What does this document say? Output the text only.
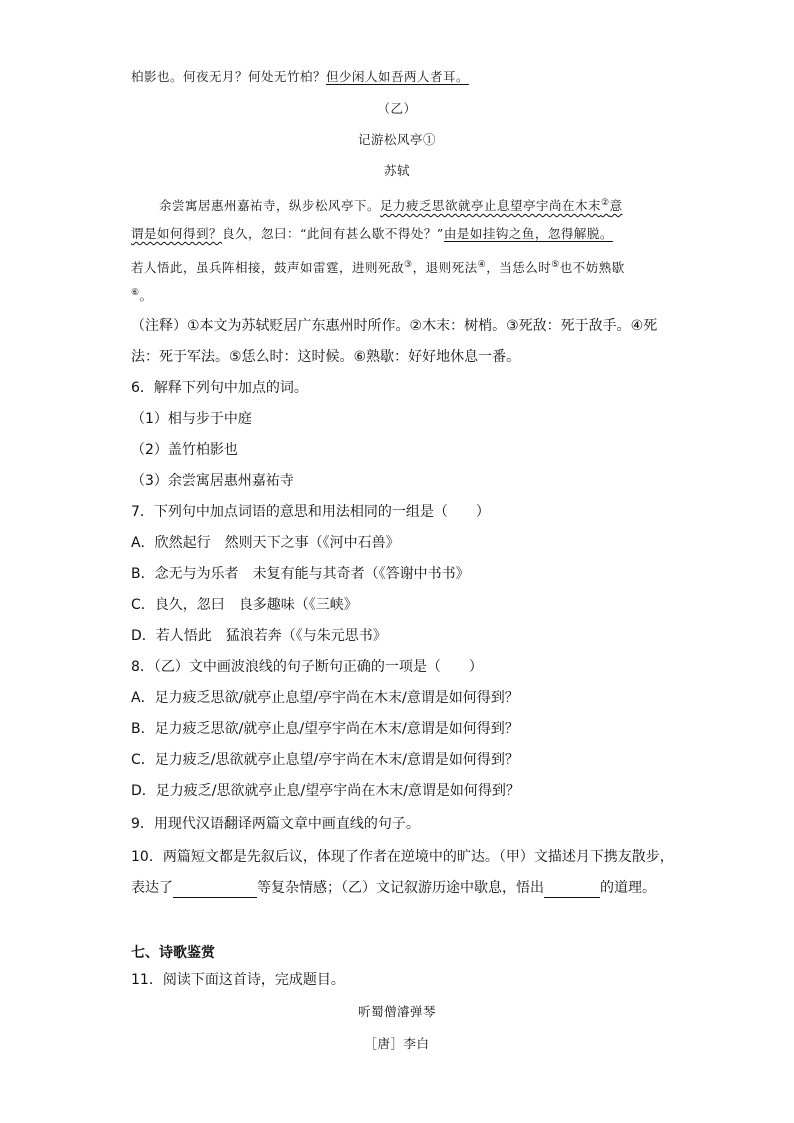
柏影也。何夜无月？何处无竹柏？但少闲人如吾两人者耳。
（乙）
记游松风亭①
苏轼
余尝寓居惠州嘉祐寺，纵步松风亭下。足力疲乏思欲就亭止息望亭宇尚在木末②意
谓是如何得到？良久，忽曰：“此间有甚么歇不得处？”由是如挂钩之鱼，忽得解脱。
若人悟此，虽兵阵相接，鼓声如雷霆，进则死敌③，退则死法④，当恁么时⑤也不妨熟歇
⑥。
（注释）①本文为苏轼贬居广东惠州时所作。②木末：树梢。③死敌：死于敌手。④死
法：死于军法。⑤恁么时：这时候。⑥熟歇：好好地休息一番。
6．解释下列句中加点的词。
（1）相与步于中庭
（2）盖竹柏影也
（3）余尝寓居惠州嘉祐寺
7．下列句中加点词语的意思和用法相同的一组是（　　）
A．欣然起行　然则天下之事（《河中石兽》
B．念无与为乐者　未复有能与其奇者（《答谢中书书》
C．良久，忽曰　良多趣味（《三峡》
D．若人悟此　猛浪若奔（《与朱元思书》
8．（乙）文中画波浪线的句子断句正确的一项是（　　）
A．足力疲乏思欲/就亭止息望/亭宇尚在木末/意谓是如何得到？
B．足力疲乏思欲/就亭止息/望亭宇尚在木末/意谓是如何得到？
C．足力疲乏/思欲就亭止息望/亭宇尚在木末/意谓是如何得到？
D．足力疲乏/思欲就亭止息/望亭宇尚在木末/意谓是如何得到？
9．用现代汉语翻译两篇文章中画直线的句子。
10．两篇短文都是先叙后议，体现了作者在逆境中的旷达。（甲）文描述月下携友散步，
表达了	等复杂情感；（乙）文记叙游历途中歇息，悟出	的道理。
七、诗歌鉴赏
11．阅读下面这首诗，完成题目。
听蜀僧濬弹琴
［唐］李白
